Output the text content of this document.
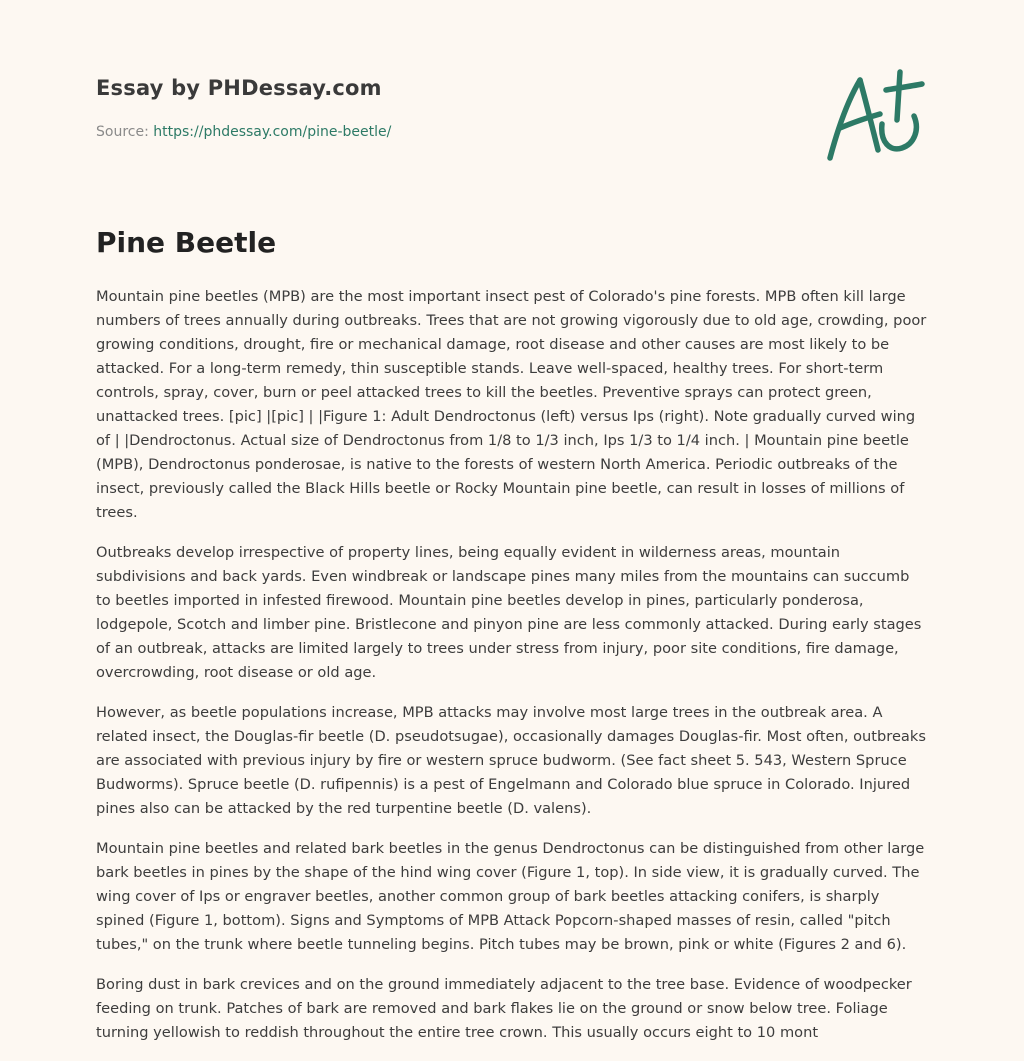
Essay by PHDessay.com
Source: https://phdessay.com/pine-beetle/
Pine Beetle

Mountain pine beetles (MPB) are the most important insect pest of Colorado's pine forests. MPB often kill large numbers of trees annually during outbreaks. Trees that are not growing vigorously due to old age, crowding, poor growing conditions, drought, fire or mechanical damage, root disease and other causes are most likely to be attacked. For a long-term remedy, thin susceptible stands. Leave well-spaced, healthy trees. For short-term controls, spray, cover, burn or peel attacked trees to kill the beetles. Preventive sprays can protect green, unattacked trees. [pic] |[pic] | |Figure 1: Adult Dendroctonus (left) versus Ips (right). Note gradually curved wing of | |Dendroctonus. Actual size of Dendroctonus from 1/8 to 1/3 inch, Ips 1/3 to 1/4 inch. | Mountain pine beetle (MPB), Dendroctonus ponderosae, is native to the forests of western North America. Periodic outbreaks of the insect, previously called the Black Hills beetle or Rocky Mountain pine beetle, can result in losses of millions of trees.

Outbreaks develop irrespective of property lines, being equally evident in wilderness areas, mountain subdivisions and back yards. Even windbreak or landscape pines many miles from the mountains can succumb to beetles imported in infested firewood. Mountain pine beetles develop in pines, particularly ponderosa, lodgepole, Scotch and limber pine. Bristlecone and pinyon pine are less commonly attacked. During early stages of an outbreak, attacks are limited largely to trees under stress from injury, poor site conditions, fire damage, overcrowding, root disease or old age.

However, as beetle populations increase, MPB attacks may involve most large trees in the outbreak area. A related insect, the Douglas-fir beetle (D. pseudotsugae), occasionally damages Douglas-fir. Most often, outbreaks are associated with previous injury by fire or western spruce budworm. (See fact sheet 5. 543, Western Spruce Budworms). Spruce beetle (D. rufipennis) is a pest of Engelmann and Colorado blue spruce in Colorado. Injured pines also can be attacked by the red turpentine beetle (D. valens).

Mountain pine beetles and related bark beetles in the genus Dendroctonus can be distinguished from other large bark beetles in pines by the shape of the hind wing cover (Figure 1, top). In side view, it is gradually curved. The wing cover of Ips or engraver beetles, another common group of bark beetles attacking conifers, is sharply spined (Figure 1, bottom). Signs and Symptoms of MPB Attack Popcorn-shaped masses of resin, called "pitch tubes," on the trunk where beetle tunneling begins. Pitch tubes may be brown, pink or white (Figures 2 and 6).

Boring dust in bark crevices and on the ground immediately adjacent to the tree base. Evidence of woodpecker feeding on trunk. Patches of bark are removed and bark flakes lie on the ground or snow below tree. Foliage turning yellowish to reddish throughout the entire tree crown. This usually occurs eight to 10 mont
